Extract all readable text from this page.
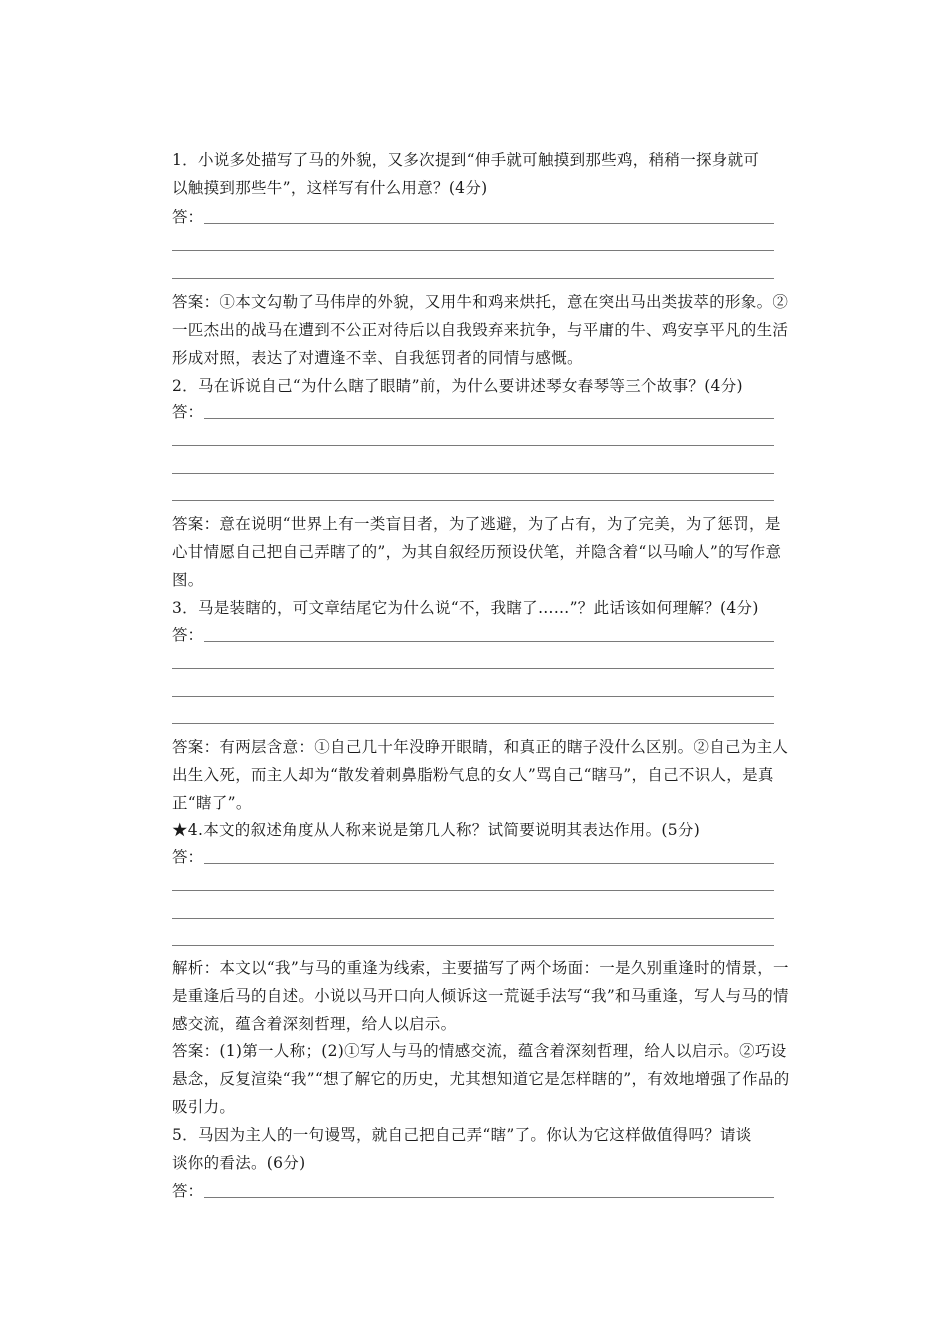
1．小说多处描写了马的外貌，又多次提到“伸手就可触摸到那些鸡，稍稍一探身就可

以触摸到那些牛”，这样写有什么用意？(4分)

答：

答案：①本文勾勒了马伟岸的外貌，又用牛和鸡来烘托，意在突出马出类拔萃的形象。②一匹杰出的战马在遭到不公正对待后以自我毁弃来抗争，与平庸的牛、鸡安享平凡的生活形成对照，表达了对遭逢不幸、自我惩罚者的同情与感慨。

2．马在诉说自己“为什么瞎了眼睛”前，为什么要讲述琴女春琴等三个故事？(4分)

答：

答案：意在说明“世界上有一类盲目者，为了逃避，为了占有，为了完美，为了惩罚，是心甘情愿自己把自己弄瞎了的”，为其自叙经历预设伏笔，并隐含着“以马喻人”的写作意图。

3．马是装瞎的，可文章结尾它为什么说“不，我瞎了……”？此话该如何理解？(4分)

答：

答案：有两层含意：①自己几十年没睁开眼睛，和真正的瞎子没什么区别。②自己为主人出生入死，而主人却为“散发着刺鼻脂粉气息的女人”骂自己“瞎马”，自己不识人，是真正“瞎了”。

★4.本文的叙述角度从人称来说是第几人称？试简要说明其表达作用。(5分)

答：

解析：本文以“我”与马的重逢为线索，主要描写了两个场面：一是久别重逢时的情景，一是重逢后马的自述。小说以马开口向人倾诉这一荒诞手法写“我”和马重逢，写人与马的情感交流，蕴含着深刻哲理，给人以启示。

答案：(1)第一人称；(2)①写人与马的情感交流，蕴含着深刻哲理，给人以启示。②巧设悬念，反复渲染“我”“想了解它的历史，尤其想知道它是怎样瞎的”，有效地增强了作品的吸引力。

5．马因为主人的一句谩骂，就自己把自己弄“瞎”了。你认为它这样做值得吗？请谈

谈你的看法。(6分)

答：
